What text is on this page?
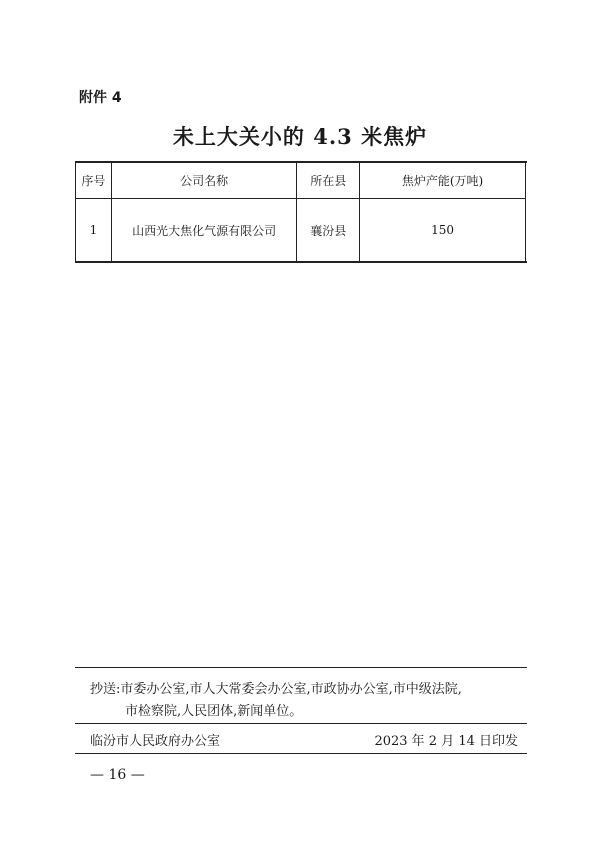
附件 4
未上大关小的 4.3 米焦炉
序号	公司名称	所在县	焦炉产能(万吨)
1	山西光大焦化气源有限公司	襄汾县	150
抄送:市委办公室,市人大常委会办公室,市政协办公室,市中级法院,
市检察院,人民团体,新闻单位。
临汾市人民政府办公室	2023 年 2 月 14 日印发
— 16 —
